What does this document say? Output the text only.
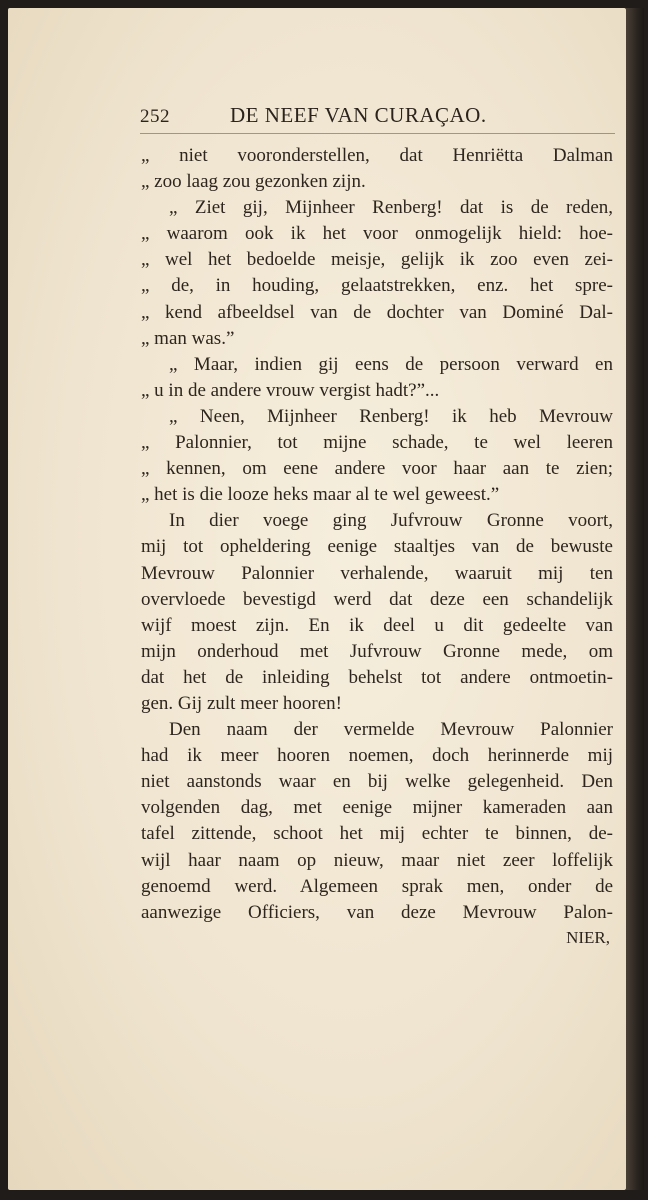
252	DE NEEF VAN CURAÇAO.
„ niet vooronderstellen, dat Henriëtta Dalman
„ zoo laag zou gezonken zijn.
„ Ziet gij, Mijnheer Renberg! dat is de reden,
„ waarom ook ik het voor onmogelijk hield: hoe-
„ wel het bedoelde meisje, gelijk ik zoo even zei-
„ de, in houding, gelaatstrekken, enz. het spre-
„ kend afbeeldsel van de dochter van Dominé Dal-
„ man was.”
„ Maar, indien gij eens de persoon verward en
„ u in de andere vrouw vergist hadt?”...
„ Neen, Mijnheer Renberg! ik heb Mevrouw
„ Palonnier, tot mijne schade, te wel leeren
„ kennen, om eene andere voor haar aan te zien;
„ het is die looze heks maar al te wel geweest.”
In dier voege ging Jufvrouw Gronne voort,
mij tot opheldering eenige staaltjes van de bewuste
Mevrouw Palonnier verhalende, waaruit mij ten
overvloede bevestigd werd dat deze een schandelijk
wijf moest zijn. En ik deel u dit gedeelte van
mijn onderhoud met Jufvrouw Gronne mede, om
dat het de inleiding behelst tot andere ontmoetin-
gen. Gij zult meer hooren!
Den naam der vermelde Mevrouw Palonnier
had ik meer hooren noemen, doch herinnerde mij
niet aanstonds waar en bij welke gelegenheid. Den
volgenden dag, met eenige mijner kameraden aan
tafel zittende, schoot het mij echter te binnen, de-
wijl haar naam op nieuw, maar niet zeer loffelijk
genoemd werd. Algemeen sprak men, onder de
aanwezige Officiers, van deze Mevrouw Palon-
NIER,
